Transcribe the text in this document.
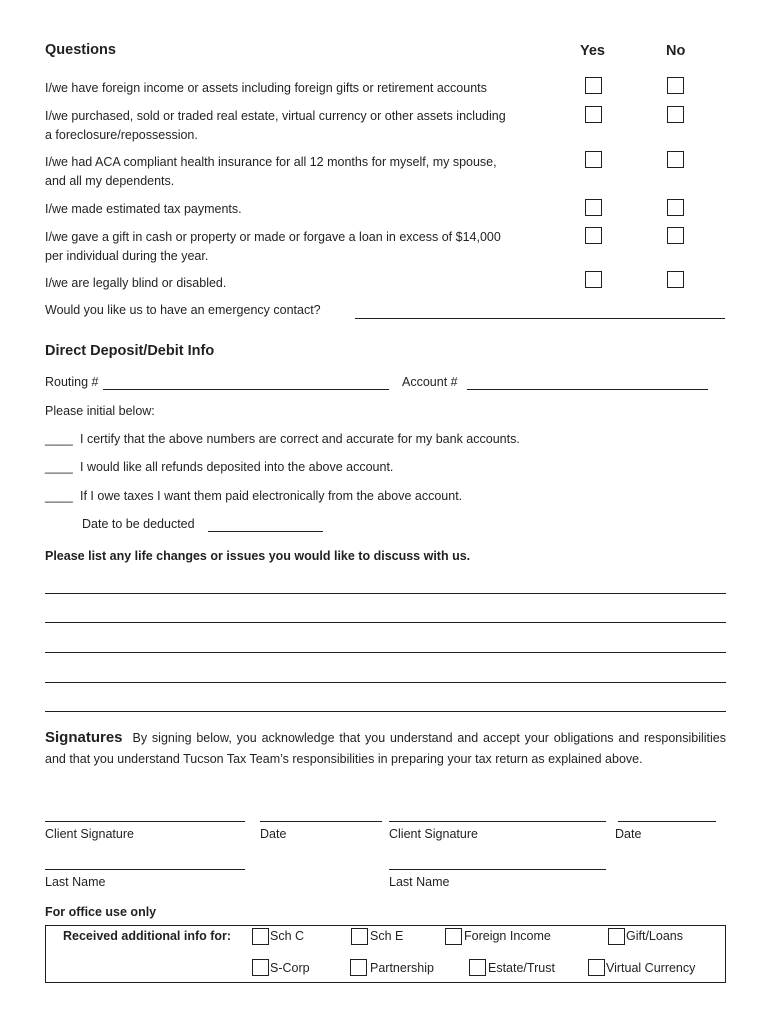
Questions	Yes	No
I/we have foreign income or assets including foreign gifts or retirement accounts
I/we purchased, sold or traded real estate, virtual currency or other assets including a foreclosure/repossession.
I/we had ACA compliant health insurance for all 12 months for myself, my spouse, and all my dependents.
I/we made estimated tax payments.
I/we gave a gift in cash or property or made or forgave a loan in excess of $14,000 per individual during the year.
I/we are legally blind or disabled.
Would you like us to have an emergency contact?
Direct Deposit/Debit Info
Routing #	Account #
Please initial below:
____ I certify that the above numbers are correct and accurate for my bank accounts.
____ I would like all refunds deposited into the above account.
____ If I owe taxes I want them paid electronically from the above account.
Date to be deducted
Please list any life changes or issues you would like to discuss with us.
Signatures By signing below, you acknowledge that you understand and accept your obligations and responsibilities and that you understand Tucson Tax Team’s responsibilities in preparing your tax return as explained above.
Client Signature	Date	Client Signature	Date
Last Name	Last Name
For office use only
Received additional info for:	Sch C	Sch E	Foreign Income	Gift/Loans
S-Corp	Partnership	Estate/Trust	Virtual Currency
